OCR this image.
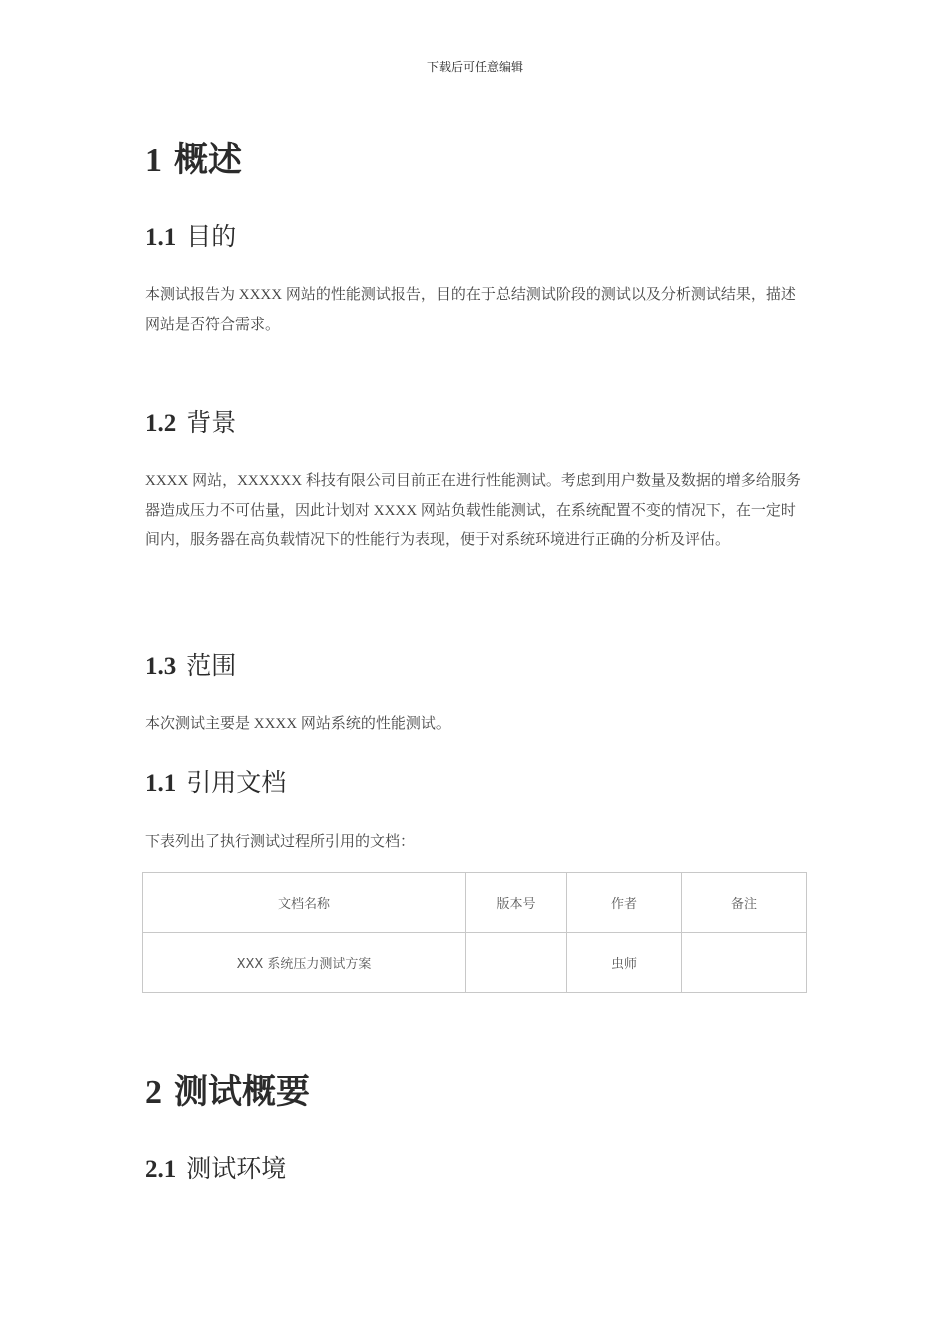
下载后可任意编辑
1 概述
1.1 目的
本测试报告为 XXXX 网站的性能测试报告，目的在于总结测试阶段的测试以及分析测试结果，描述网站是否符合需求。
1.2 背景
XXXX 网站，XXXXXX 科技有限公司目前正在进行性能测试。考虑到用户数量及数据的增多给服务器造成压力不可估量，因此计划对 XXXX 网站负载性能测试，在系统配置不变的情况下，在一定时间内，服务器在高负载情况下的性能行为表现，便于对系统环境进行正确的分析及评估。
1.3 范围
本次测试主要是 XXXX 网站系统的性能测试。
1.1 引用文档
下表列出了执行测试过程所引用的文档：
文档名称	版本号	作者	备注
XXX 系统压力测试方案		虫师	
2 测试概要
2.1 测试环境
